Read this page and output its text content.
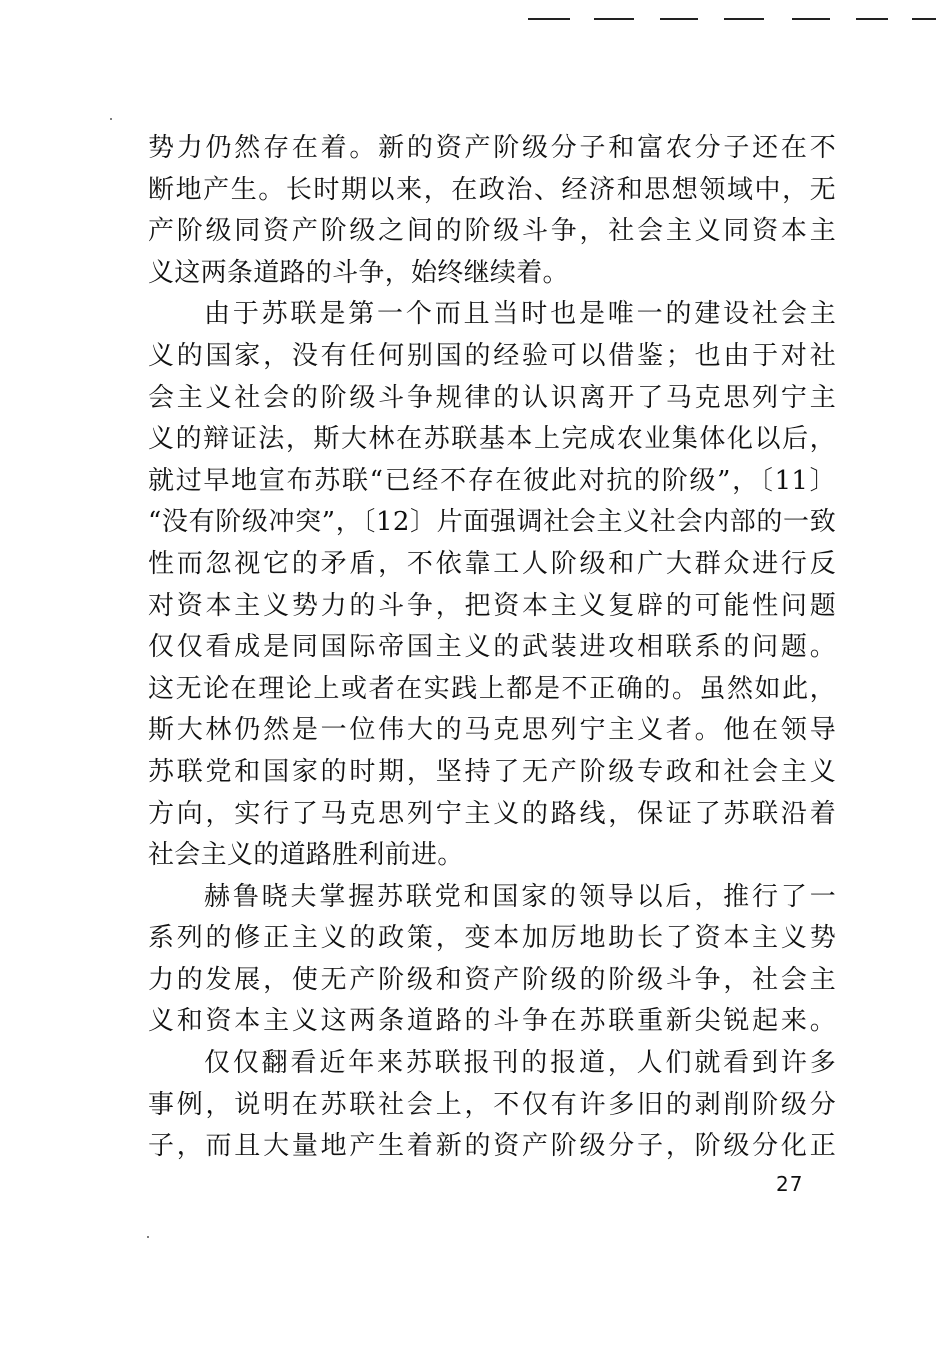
势力仍然存在着。新的资产阶级分子和富农分子还在不
断地产生。长时期以来，在政治、经济和思想领域中，无
产阶级同资产阶级之间的阶级斗争，社会主义同资本主
义这两条道路的斗争，始终继续着。
由于苏联是第一个而且当时也是唯一的建设社会主
义的国家，没有任何别国的经验可以借鉴；也由于对社
会主义社会的阶级斗争规律的认识离开了马克思列宁主
义的辩证法，斯大林在苏联基本上完成农业集体化以后，
就过早地宣布苏联“已经不存在彼此对抗的阶级”，〔11〕
“没有阶级冲突”，〔12〕片面强调社会主义社会内部的一致
性而忽视它的矛盾，不依靠工人阶级和广大群众进行反
对资本主义势力的斗争，把资本主义复辟的可能性问题
仅仅看成是同国际帝国主义的武装进攻相联系的问题。
这无论在理论上或者在实践上都是不正确的。虽然如此，
斯大林仍然是一位伟大的马克思列宁主义者。他在领导
苏联党和国家的时期，坚持了无产阶级专政和社会主义
方向，实行了马克思列宁主义的路线，保证了苏联沿着
社会主义的道路胜利前进。
赫鲁晓夫掌握苏联党和国家的领导以后，推行了一
系列的修正主义的政策，变本加厉地助长了资本主义势
力的发展，使无产阶级和资产阶级的阶级斗争，社会主
义和资本主义这两条道路的斗争在苏联重新尖锐起来。
仅仅翻看近年来苏联报刊的报道，人们就看到许多
事例，说明在苏联社会上，不仅有许多旧的剥削阶级分
子，而且大量地产生着新的资产阶级分子，阶级分化正
27
